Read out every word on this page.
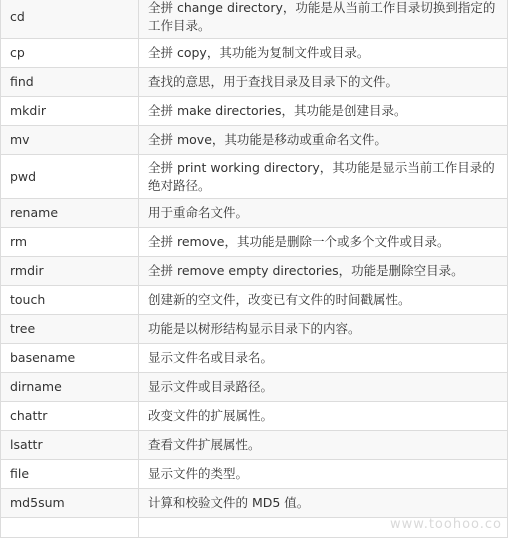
cd	全拼 change directory，功能是从当前工作目录切换到指定的工作目录。
cp	全拼 copy，其功能为复制文件或目录。
find	查找的意思，用于查找目录及目录下的文件。
mkdir	全拼 make directories，其功能是创建目录。
mv	全拼 move，其功能是移动或重命名文件。
pwd	全拼 print working directory，其功能是显示当前工作目录的绝对路径。
rename	用于重命名文件。
rm	全拼 remove，其功能是删除一个或多个文件或目录。
rmdir	全拼 remove empty directories，功能是删除空目录。
touch	创建新的空文件，改变已有文件的时间戳属性。
tree	功能是以树形结构显示目录下的内容。
basename	显示文件名或目录名。
dirname	显示文件或目录路径。
chattr	改变文件的扩展属性。
lsattr	查看文件扩展属性。
file	显示文件的类型。
md5sum	计算和校验文件的 MD5 值。

www.toohoo.co
